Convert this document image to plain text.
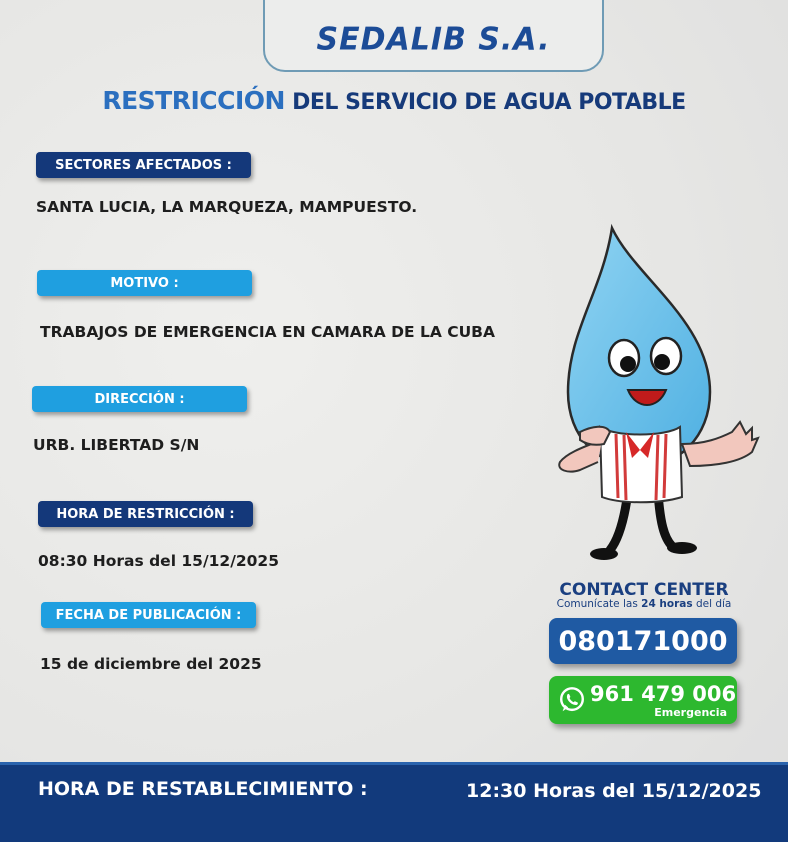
SEDALIB S.A.
RESTRICCIÓN DEL SERVICIO DE AGUA POTABLE
SECTORES AFECTADOS :
SANTA LUCIA, LA MARQUEZA, MAMPUESTO.
MOTIVO :
TRABAJOS DE EMERGENCIA EN CAMARA DE LA CUBA
DIRECCIÓN :
URB. LIBERTAD S/N
HORA DE RESTRICCIÓN :
08:30 Horas del 15/12/2025
FECHA DE PUBLICACIÓN :
15 de diciembre del 2025
CONTACT CENTER
Comunícate las 24 horas del día
080171000
961 479 006
Emergencia
HORA DE RESTABLECIMIENTO :	12:30 Horas del 15/12/2025
